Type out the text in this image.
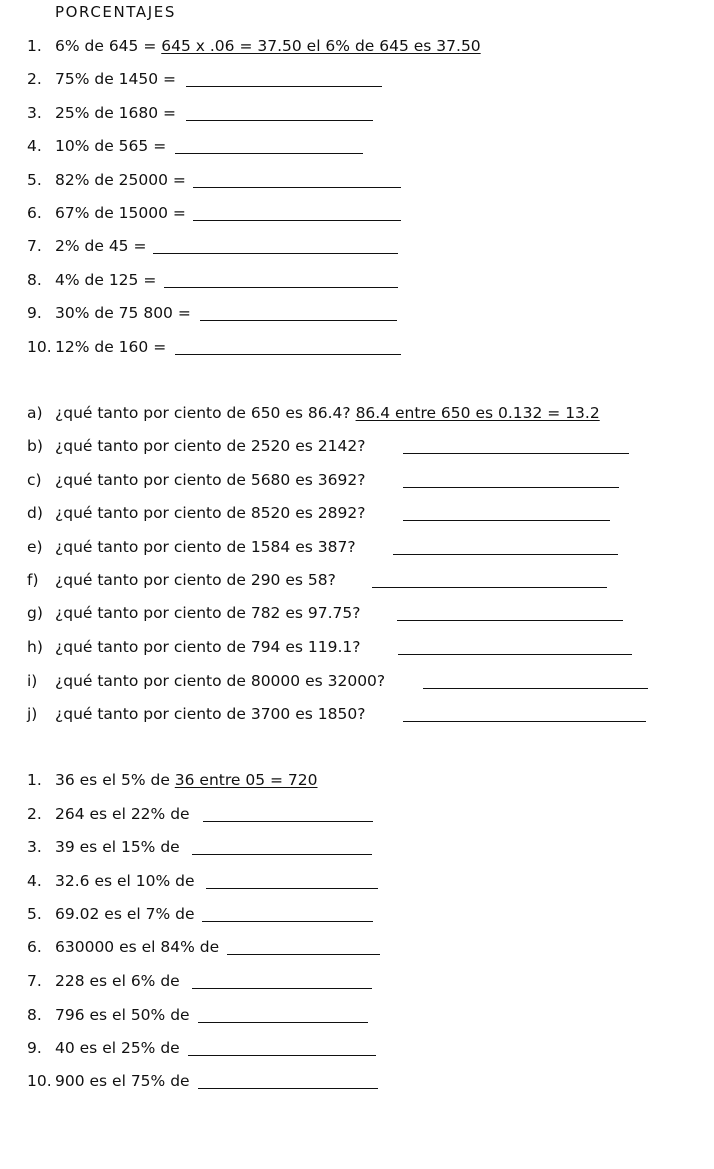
PORCENTAJES
1. 6% de 645 = 645 x .06 = 37.50 el 6% de 645 es 37.50
2. 75% de 1450 =
3. 25% de 1680 =
4. 10% de 565 =
5. 82% de 25000 =
6. 67% de 15000 =
7. 2% de 45 =
8. 4% de 125 =
9. 30% de 75 800 =
10. 12% de 160 =
a) ¿qué tanto por ciento de 650 es 86.4? 86.4 entre 650 es 0.132 = 13.2
b) ¿qué tanto por ciento de 2520 es 2142?
c) ¿qué tanto por ciento de 5680 es 3692?
d) ¿qué tanto por ciento de 8520 es 2892?
e) ¿qué tanto por ciento de 1584 es 387?
f) ¿qué tanto por ciento de 290 es 58?
g) ¿qué tanto por ciento de 782 es 97.75?
h) ¿qué tanto por ciento de 794 es 119.1?
i) ¿qué tanto por ciento de 80000 es 32000?
j) ¿qué tanto por ciento de 3700 es 1850?
1. 36 es el 5% de 36 entre 05 = 720
2. 264 es el 22% de
3. 39 es el 15% de
4. 32.6 es el 10% de
5. 69.02 es el 7% de
6. 630000 es el 84% de
7. 228 es el 6% de
8. 796 es el 50% de
9. 40 es el 25% de
10. 900 es el 75% de
